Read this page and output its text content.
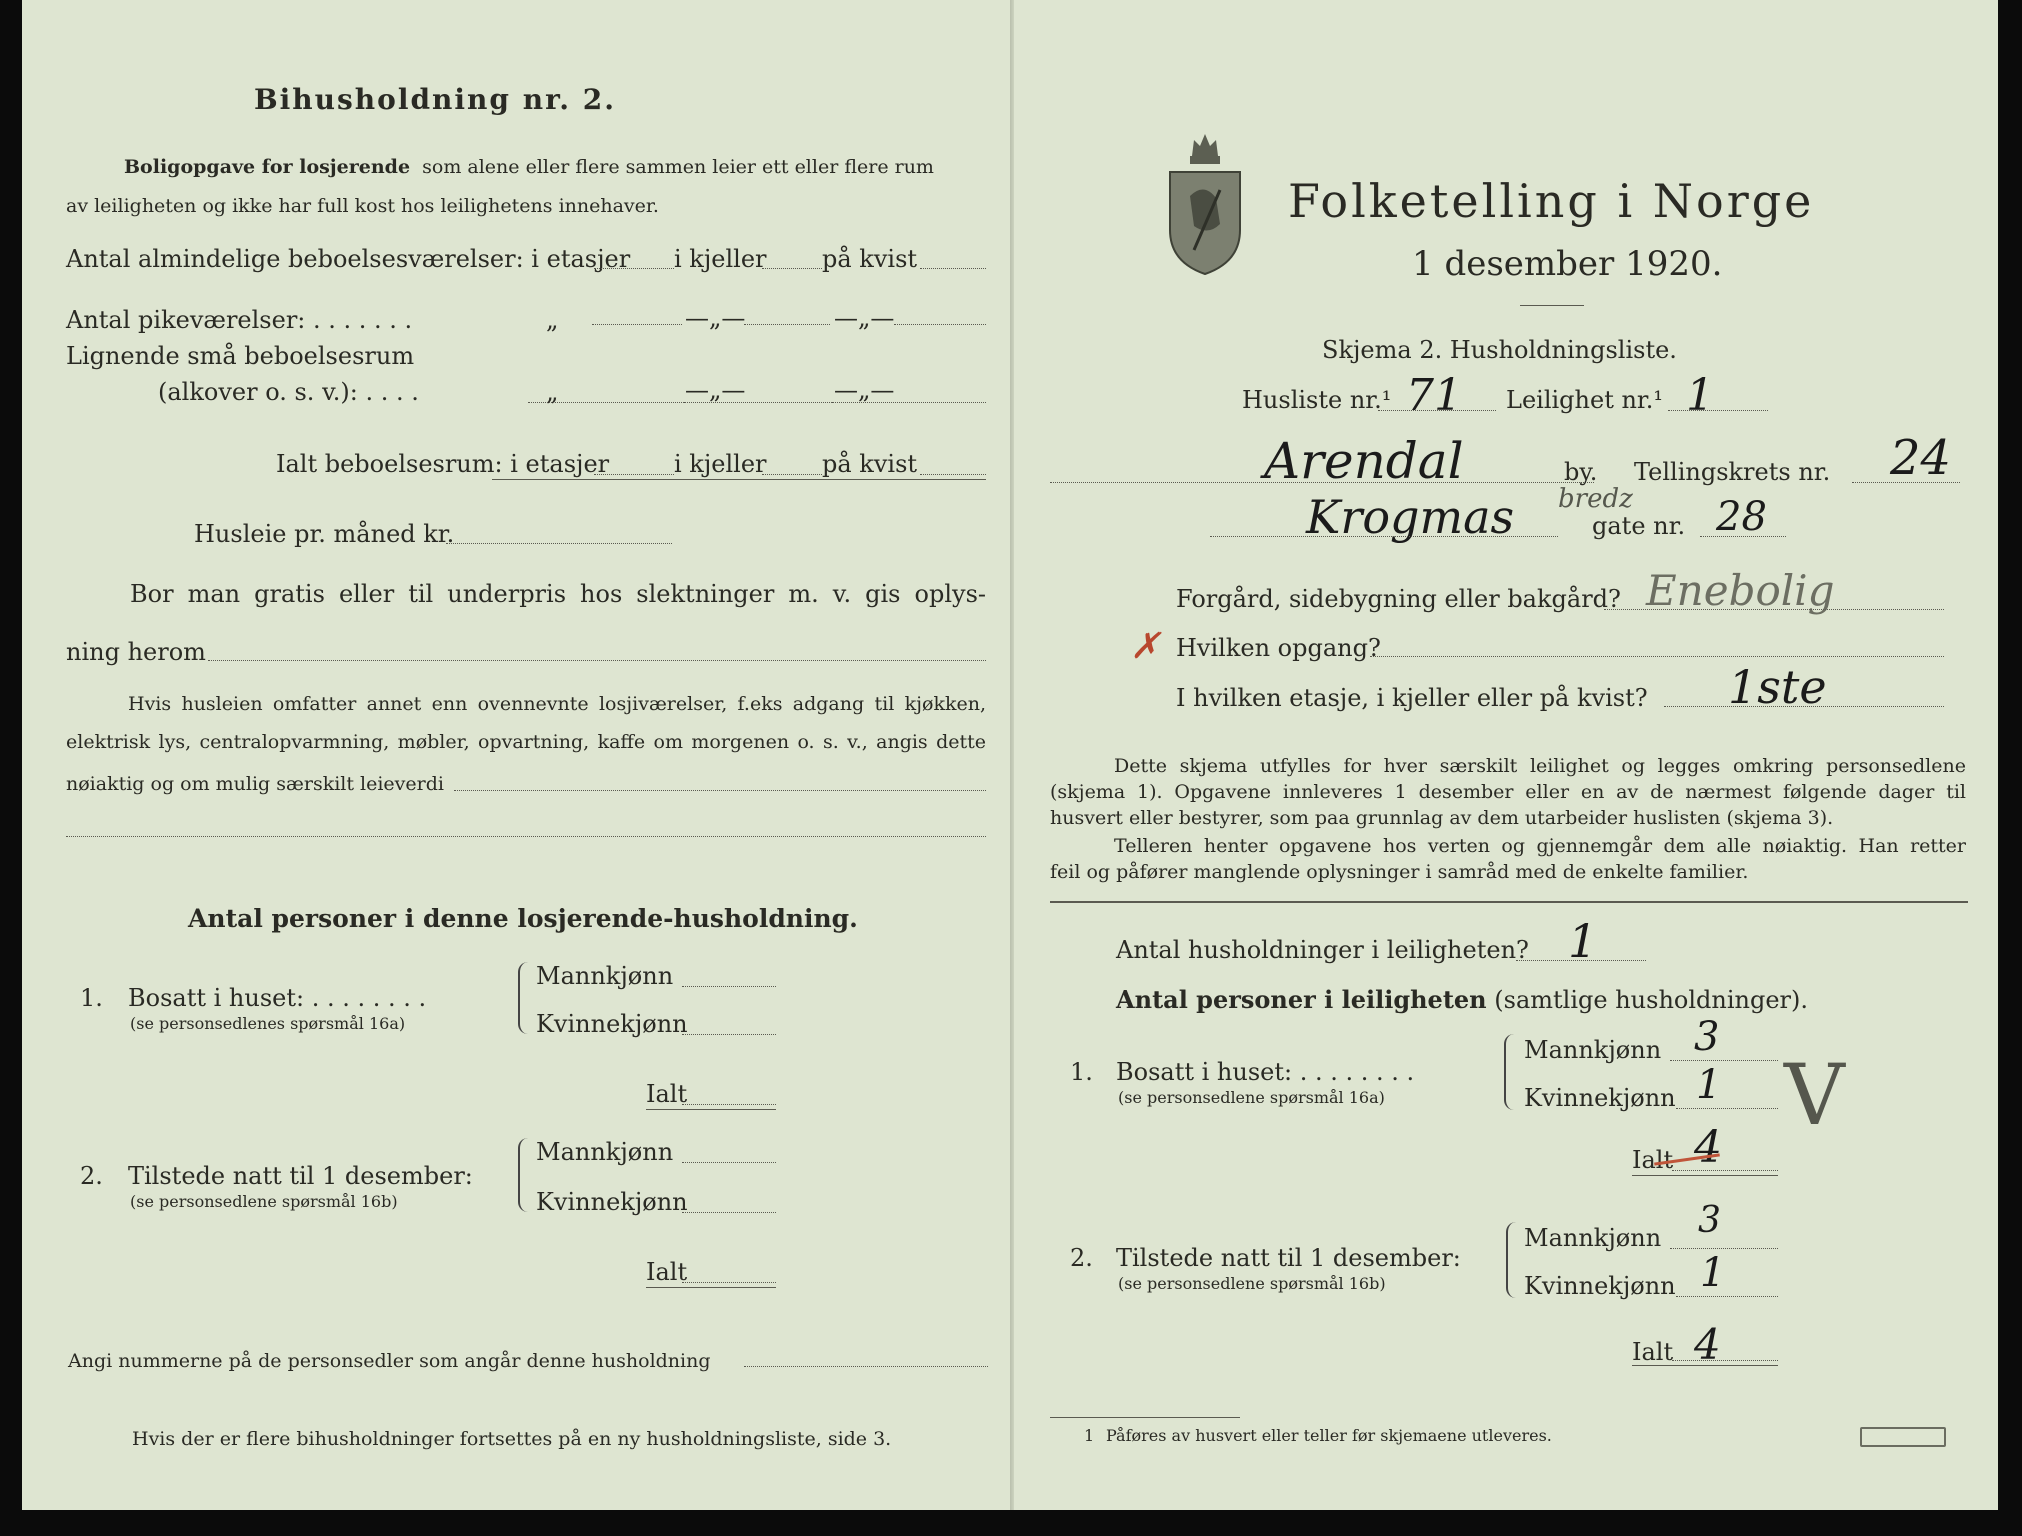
Bihusholdning nr. 2.
Boligopgave for losjerende som alene eller flere sammen leier ett eller flere rum
av leiligheten og ikke har full kost hos leilighetens innehaver.
Antal almindelige beboelsesværelser: i etasjer i kjeller på kvist
Antal pikeværelser: . . . . . . .	„	—„—	—„—
Lignende små beboelsesrum
(alkover o. s. v.): . . . .	„	—„—	—„—
Ialt beboelsesrum: i etasjer	i kjeller på kvist
Husleie pr. måned kr.
Bor man gratis eller til underpris hos slektninger m. v. gis oplys-
ning herom
Hvis husleien omfatter annet enn ovennevnte losjiværelser, f.eks adgang til kjøkken,
elektrisk lys, centralopvarmning, møbler, opvartning, kaffe om morgenen o. s. v., angis dette
nøiaktig og om mulig særskilt leieverdi
Antal personer i denne losjerende-husholdning.
1. Bosatt i huset: . . . . . . . .
(se personsedlenes spørsmål 16a)
Mannkjønn
Kvinnekjønn
Ialt
2. Tilstede natt til 1 desember:
(se personsedlene spørsmål 16b)
Mannkjønn
Kvinnekjønn
Ialt
Angi nummerne på de personsedler som angår denne husholdning
Hvis der er flere bihusholdninger fortsettes på en ny husholdningsliste, side 3.
Folketelling i Norge
1 desember 1920.
Skjema 2. Husholdningsliste.
Husliste nr.¹ 71 Leilighet nr.¹ 1
Arendal	by. Tellingskrets nr. 24
Krogmas bredz
gate nr. 28
Forgård, sidebygning eller bakgård? Enebolig
✗ Hvilken opgang?
I hvilken etasje, i kjeller eller på kvist? 1ste
Dette skjema utfylles for hver særskilt leilighet og legges omkring personsedlene
(skjema 1). Opgavene innleveres 1 desember eller en av de nærmest følgende dager til
husvert eller bestyrer, som paa grunnlag av dem utarbeider huslisten (skjema 3).
Telleren henter opgavene hos verten og gjennemgår dem alle nøiaktig. Han retter
feil og påfører manglende oplysninger i samråd med de enkelte familier.
Antal husholdninger i leiligheten? 1
Antal personer i leiligheten (samtlige husholdninger).
1. Bosatt i huset: . . . . . . . .
(se personsedlene spørsmål 16a)
Mannkjønn 3
Kvinnekjønn 1
Ialt 4
V
2. Tilstede natt til 1 desember:
(se personsedlene spørsmål 16b)
Mannkjønn 3
Kvinnekjønn 1
Ialt 4
1 Påføres av husvert eller teller før skjemaene utleveres.
